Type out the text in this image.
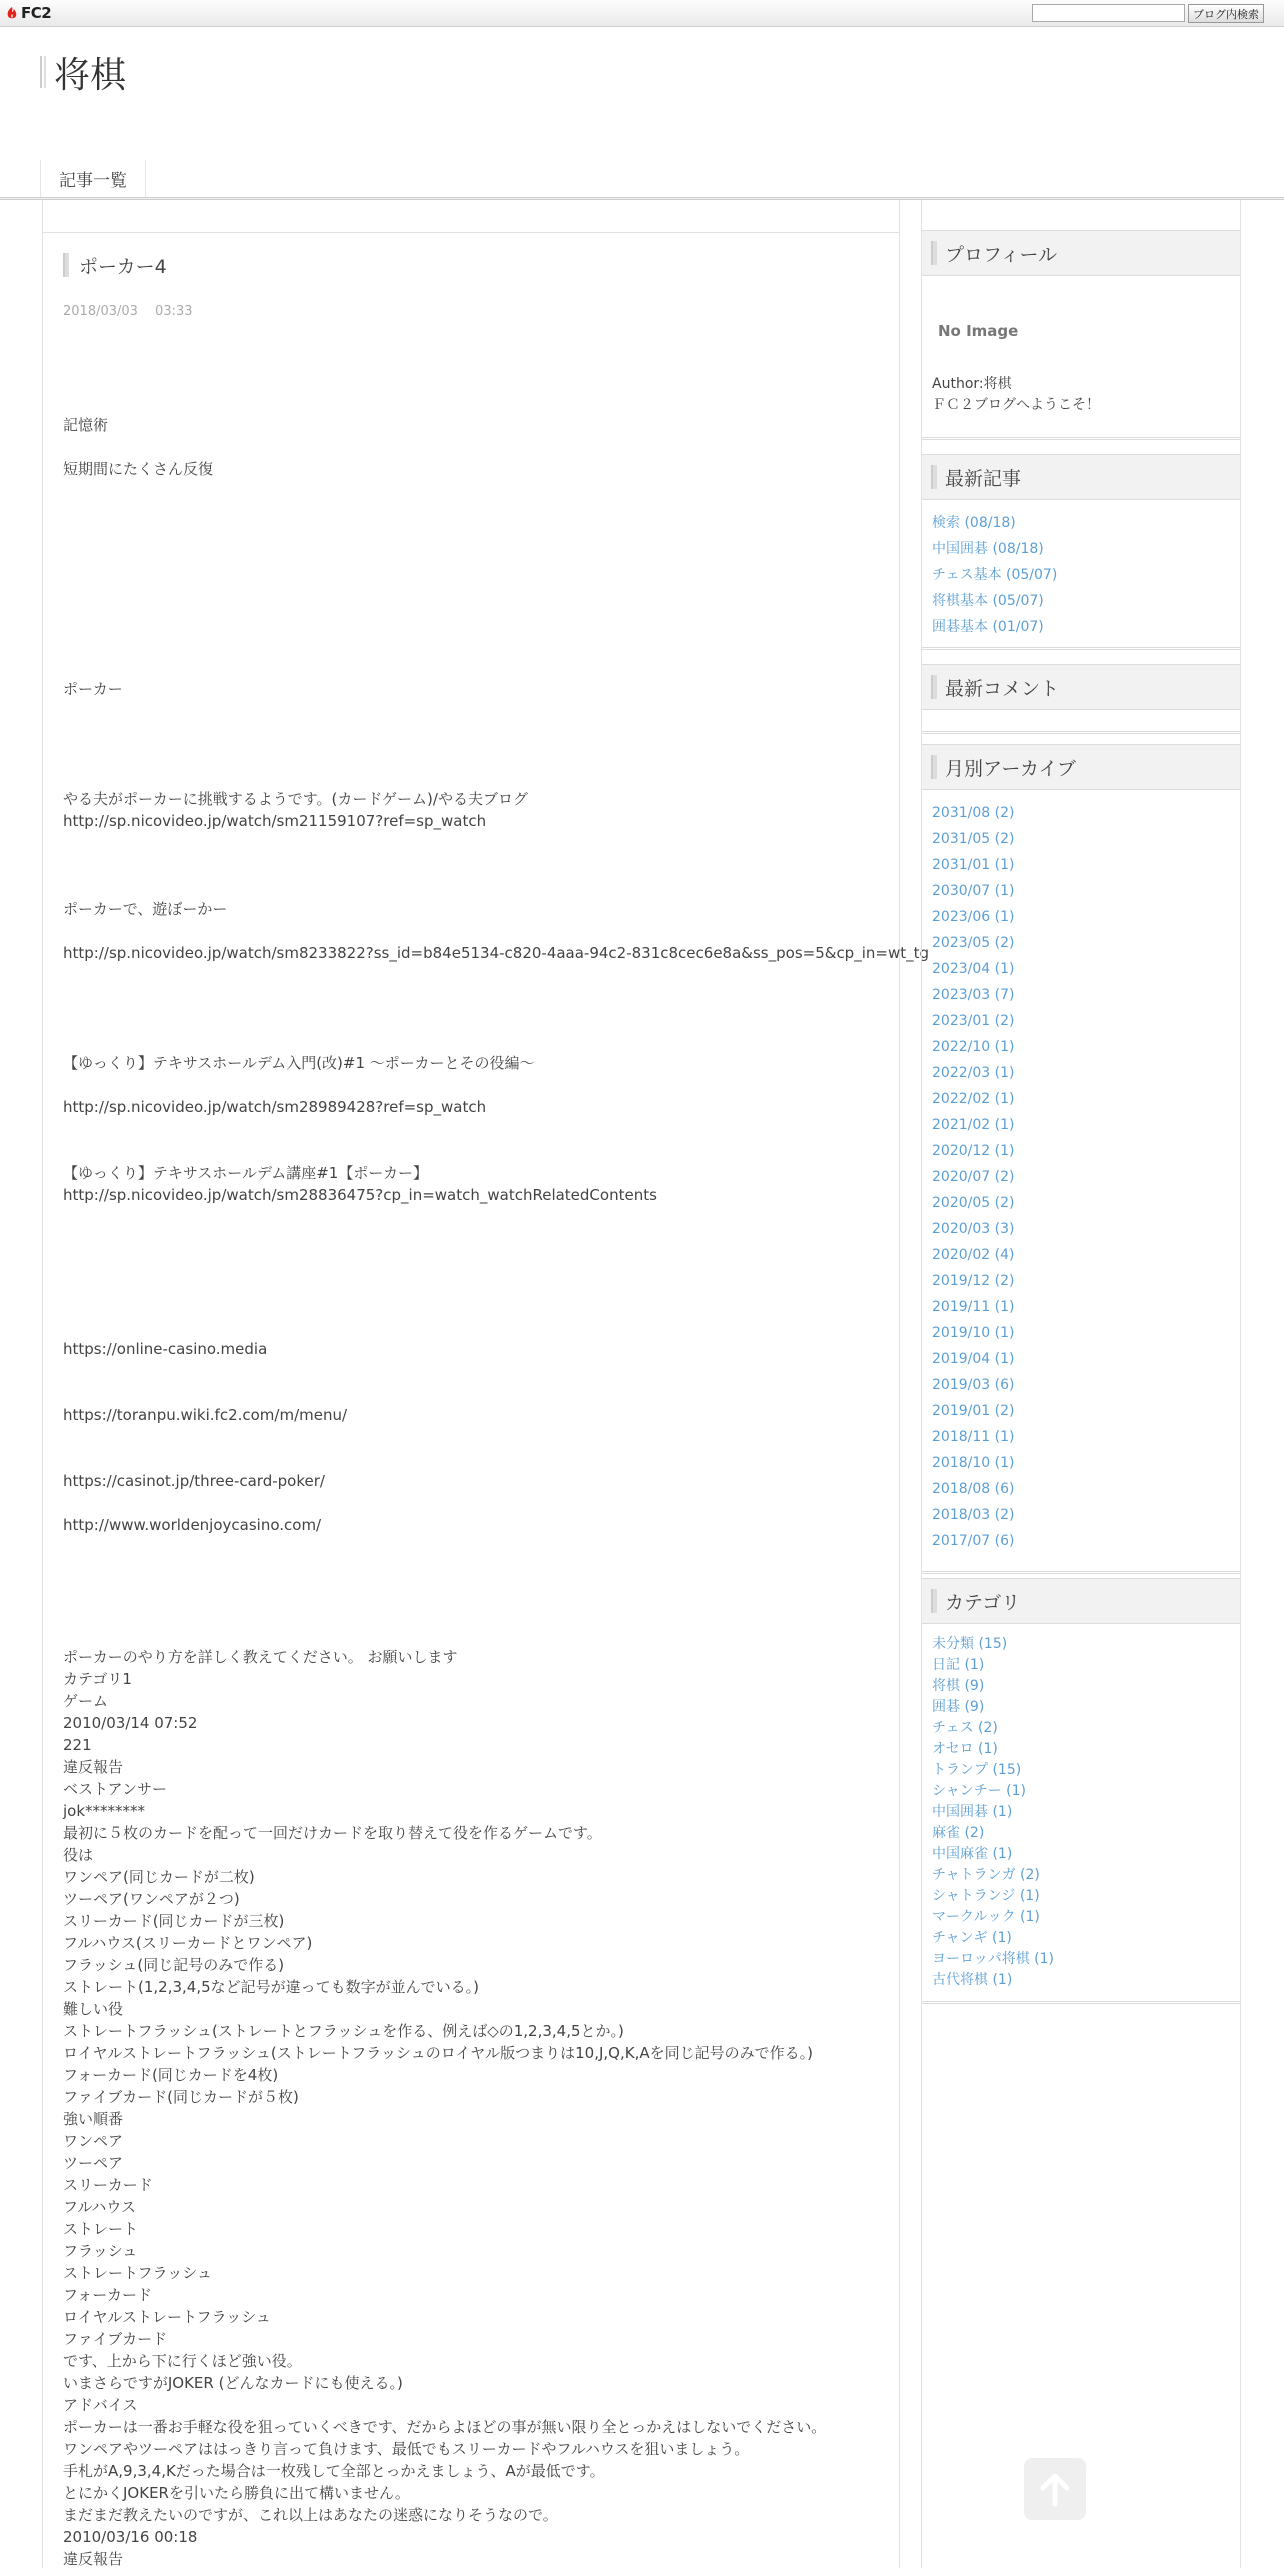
FC2	ブログ内検索
将棋
記事一覧
ポーカー4
2018/03/03　 03:33
記憶術
短期間にたくさん反復
ポーカー
やる夫がポーカーに挑戦するようです。(カードゲーム)/やる夫ブログ
http://sp.nicovideo.jp/watch/sm21159107?ref=sp_watch
ポーカーで、遊ぼーかー
http://sp.nicovideo.jp/watch/sm8233822?ss_id=b84e5134-c820-4aaa-94c2-831c8cec6e8a&ss_pos=5&cp_in=wt_tg
【ゆっくり】テキサスホールデム入門(改)#1 ～ポーカーとその役編～
http://sp.nicovideo.jp/watch/sm28989428?ref=sp_watch
【ゆっくり】テキサスホールデム講座#1【ポーカー】
http://sp.nicovideo.jp/watch/sm28836475?cp_in=watch_watchRelatedContents
https://online-casino.media
https://toranpu.wiki.fc2.com/m/menu/
https://casinot.jp/three-card-poker/
http://www.worldenjoycasino.com/
ポーカーのやり方を詳しく教えてください。 お願いします
カテゴリ1
ゲーム
2010/03/14 07:52
221
違反報告
ベストアンサー
jok********
最初に５枚のカードを配って一回だけカードを取り替えて役を作るゲームです。
役は
ワンペア(同じカードが二枚)
ツーペア(ワンペアが２つ)
スリーカード(同じカードが三枚)
フルハウス(スリーカードとワンペア)
フラッシュ(同じ記号のみで作る)
ストレート(1,2,3,4,5など記号が違っても数字が並んでいる。)
難しい役
ストレートフラッシュ(ストレートとフラッシュを作る、例えば◇の1,2,3,4,5とか。)
ロイヤルストレートフラッシュ(ストレートフラッシュのロイヤル版つまりは10,J,Q,K,Aを同じ記号のみで作る。)
フォーカード(同じカードを4枚)
ファイブカード(同じカードが５枚)
強い順番
ワンペア
ツーペア
スリーカード
フルハウス
ストレート
フラッシュ
ストレートフラッシュ
フォーカード
ロイヤルストレートフラッシュ
ファイブカード
です、上から下に行くほど強い役。
いまさらですがJOKER (どんなカードにも使える。)
アドバイス
ポーカーは一番お手軽な役を狙っていくべきです、だからよほどの事が無い限り全とっかえはしないでください。
ワンペアやツーペアははっきり言って負けます、最低でもスリーカードやフルハウスを狙いましょう。
手札がA,9,3,4,Kだった場合は一枚残して全部とっかえましょう、Aが最低です。
とにかくJOKERを引いたら勝負に出て構いません。
まだまだ教えたいのですが、これ以上はあなたの迷惑になりそうなので。
2010/03/16 00:18
違反報告
プロフィール
No Image
Author:将棋
ＦＣ２ブログへようこそ！
最新記事
検索 (08/18)
中国囲碁 (08/18)
チェス基本 (05/07)
将棋基本 (05/07)
囲碁基本 (01/07)
最新コメント
月別アーカイブ
2031/08 (2)
2031/05 (2)
2031/01 (1)
2030/07 (1)
2023/06 (1)
2023/05 (2)
2023/04 (1)
2023/03 (7)
2023/01 (2)
2022/10 (1)
2022/03 (1)
2022/02 (1)
2021/02 (1)
2020/12 (1)
2020/07 (2)
2020/05 (2)
2020/03 (3)
2020/02 (4)
2019/12 (2)
2019/11 (1)
2019/10 (1)
2019/04 (1)
2019/03 (6)
2019/01 (2)
2018/11 (1)
2018/10 (1)
2018/08 (6)
2018/03 (2)
2017/07 (6)
カテゴリ
未分類 (15)
日記 (1)
将棋 (9)
囲碁 (9)
チェス (2)
オセロ (1)
トランプ (15)
シャンチー (1)
中国囲碁 (1)
麻雀 (2)
中国麻雀 (1)
チャトランガ (2)
シャトランジ (1)
マークルック (1)
チャンギ (1)
ヨーロッパ将棋 (1)
古代将棋 (1)
